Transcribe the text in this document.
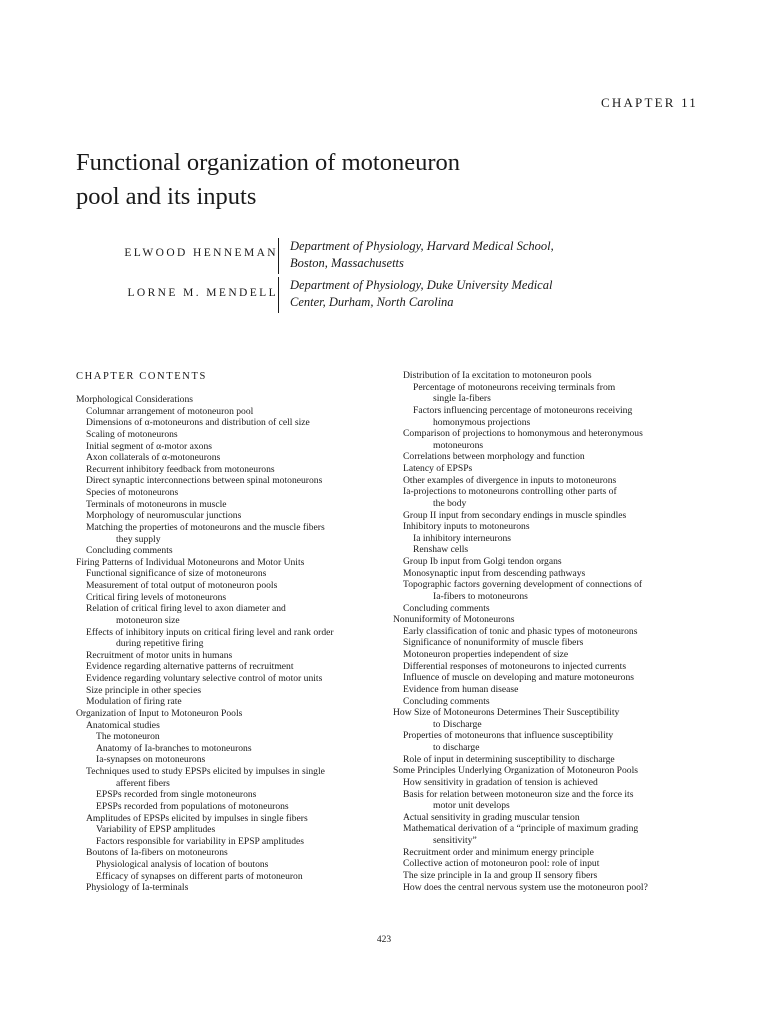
CHAPTER 11
Functional organization of motoneuron
pool and its inputs
ELWOOD HENNEMAN Department of Physiology, Harvard Medical School,
Boston, Massachusetts
LORNE M. MENDELL
Department of Physiology, Duke University Medical
Center, Durham, North Carolina
CHAPTER CONTENTS
Morphological Considerations
Columnar arrangement of motoneuron pool
Dimensions of α-motoneurons and distribution of cell size
Scaling of motoneurons
Initial segment of α-motor axons
Axon collaterals of α-motoneurons
Recurrent inhibitory feedback from motoneurons
Direct synaptic interconnections between spinal motoneurons
Species of motoneurons
Terminals of motoneurons in muscle
Morphology of neuromuscular junctions
Matching the properties of motoneurons and the muscle fibers
they supply
Concluding comments
Firing Patterns of Individual Motoneurons and Motor Units
Functional significance of size of motoneurons
Measurement of total output of motoneuron pools
Critical firing levels of motoneurons
Relation of critical firing level to axon diameter and
motoneuron size
Effects of inhibitory inputs on critical firing level and rank order
during repetitive firing
Recruitment of motor units in humans
Evidence regarding alternative patterns of recruitment
Evidence regarding voluntary selective control of motor units
Size principle in other species
Modulation of firing rate
Organization of Input to Motoneuron Pools
Anatomical studies
The motoneuron
Anatomy of Ia-branches to motoneurons
Ia-synapses on motoneurons
Techniques used to study EPSPs elicited by impulses in single
afferent fibers
EPSPs recorded from single motoneurons
EPSPs recorded from populations of motoneurons
Amplitudes of EPSPs elicited by impulses in single fibers
Variability of EPSP amplitudes
Factors responsible for variability in EPSP amplitudes
Boutons of Ia-fibers on motoneurons
Physiological analysis of location of boutons
Efficacy of synapses on different parts of motoneuron
Physiology of Ia-terminals
Distribution of Ia excitation to motoneuron pools
Percentage of motoneurons receiving terminals from
single Ia-fibers
Factors influencing percentage of motoneurons receiving
homonymous projections
Comparison of projections to homonymous and heteronymous
motoneurons
Correlations between morphology and function
Latency of EPSPs
Other examples of divergence in inputs to motoneurons
Ia-projections to motoneurons controlling other parts of
the body
Group II input from secondary endings in muscle spindles
Inhibitory inputs to motoneurons
Ia inhibitory interneurons
Renshaw cells
Group Ib input from Golgi tendon organs
Monosynaptic input from descending pathways
Topographic factors governing development of connections of
Ia-fibers to motoneurons
Concluding comments
Nonuniformity of Motoneurons
Early classification of tonic and phasic types of motoneurons
Significance of nonuniformity of muscle fibers
Motoneuron properties independent of size
Differential responses of motoneurons to injected currents
Influence of muscle on developing and mature motoneurons
Evidence from human disease
Concluding comments
How Size of Motoneurons Determines Their Susceptibility
to Discharge
Properties of motoneurons that influence susceptibility
to discharge
Role of input in determining susceptibility to discharge
Some Principles Underlying Organization of Motoneuron Pools
How sensitivity in gradation of tension is achieved
Basis for relation between motoneuron size and the force its
motor unit develops
Actual sensitivity in grading muscular tension
Mathematical derivation of a “principle of maximum grading
sensitivity”
Recruitment order and minimum energy principle
Collective action of motoneuron pool: role of input
The size principle in Ia and group II sensory fibers
How does the central nervous system use the motoneuron pool?
423
